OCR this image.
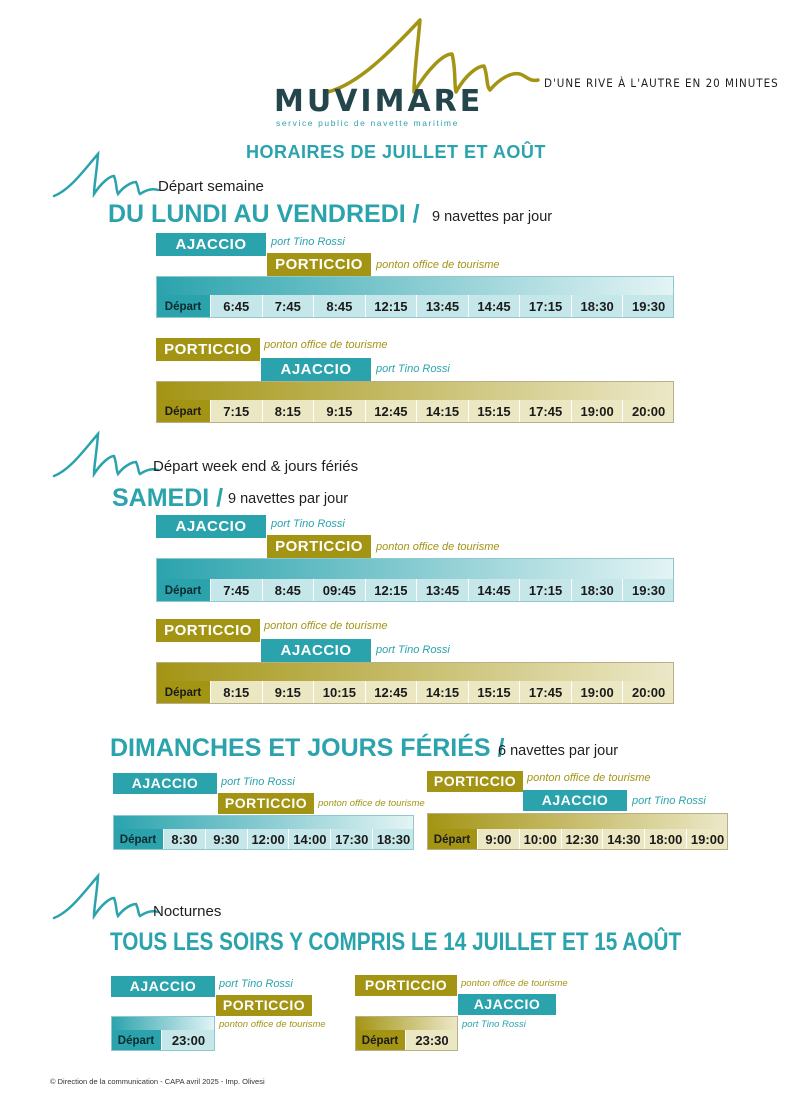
MUVIMARE
service public de navette maritime
D'UNE RIVE À L'AUTRE EN 20 MINUTES
HORAIRES DE JUILLET ET AOÛT
Départ semaine
DU LUNDI AU VENDREDI / 9 navettes par jour
AJACCIO	port Tino Rossi
PORTICCIO	ponton office de tourisme
Départ	6:45	7:45	8:45	12:15	13:45	14:45	17:15	18:30	19:30
PORTICCIO	ponton office de tourisme
AJACCIO	port Tino Rossi
Départ	7:15	8:15	9:15	12:45	14:15	15:15	17:45	19:00	20:00
Départ week end & jours fériés
SAMEDI / 9 navettes par jour
AJACCIO	port Tino Rossi
PORTICCIO	ponton office de tourisme
Départ	7:45	8:45	09:45	12:15	13:45	14:45	17:15	18:30	19:30
PORTICCIO	ponton office de tourisme
AJACCIO	port Tino Rossi
Départ	8:15	9:15	10:15	12:45	14:15	15:15	17:45	19:00	20:00
DIMANCHES ET JOURS FÉRIÉS /
6 navettes par jour
AJACCIO	port Tino Rossi
PORTICCIO	ponton office de tourisme
Départ	8:30	9:30 12:00 14:00 17:30 18:30
PORTICCIO ponton office de tourisme
AJACCIO	port Tino Rossi
Départ	9:00 10:00 12:30 14:30 18:00 19:00
Nocturnes
TOUS LES SOIRS Y COMPRIS LE 14 JUILLET ET 15 AOÛT
AJACCIO	port Tino Rossi
PORTICCIO
ponton office de tourisme
Départ	23:00
PORTICCIO	ponton office de tourisme
AJACCIO
port Tino Rossi
Départ	23:30
© Direction de la communication - CAPA avril 2025 - Imp. Olivesi
